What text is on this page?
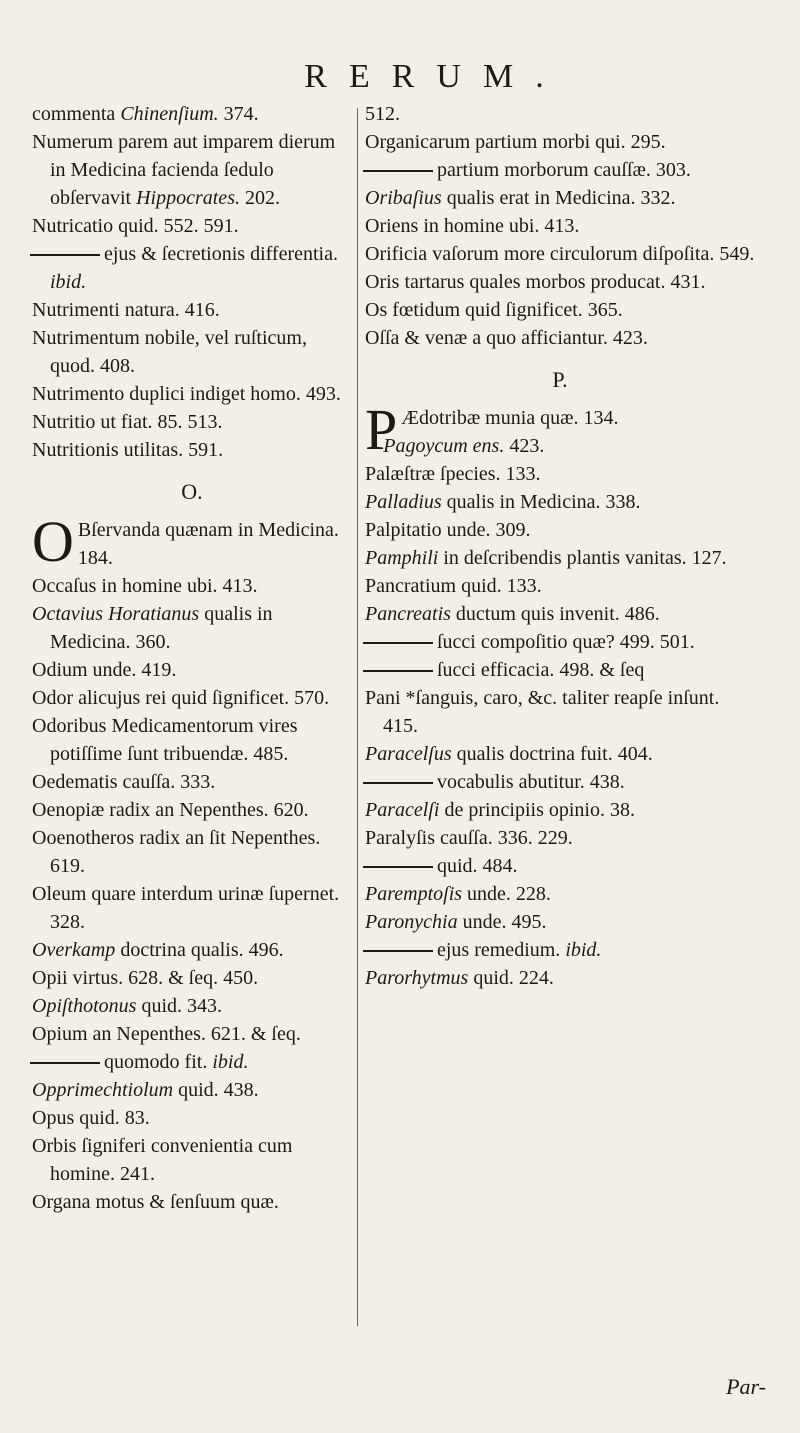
RERUM.

commenta Chinenſium. 374.

Numerum parem aut imparem dierum in Medicina facienda ſedulo obſervavit Hippocrates. 202.

Nutricatio quid. 552. 591.

ejus & ſecretionis differentia. ibid.

Nutrimenti natura. 416.

Nutrimentum nobile, vel ruſticum, quod. 408.

Nutrimento duplici indiget homo. 493.

Nutritio ut fiat. 85. 513.

Nutritionis utilitas. 591.

O.

O Bſervanda quænam in Medicina. 184.

Occaſus in homine ubi. 413.

Octavius Horatianus qualis in Medicina. 360.

Odium unde. 419.

Odor alicujus rei quid ſignificet. 570.

Odoribus Medicamentorum vires potiſſime ſunt tribuendæ. 485.

Oedematis cauſſa. 333.

Oenopiæ radix an Nepenthes. 620.

Ooenotheros radix an ſit Nepenthes. 619.

Oleum quare interdum urinæ ſupernet. 328.

Overkamp doctrina qualis. 496.

Opii virtus. 628. & ſeq. 450.

Opiſthotonus quid. 343.

Opium an Nepenthes. 621. & ſeq.

quomodo fit. ibid.

Opprimechtiolum quid. 438.

Opus quid. 83.

Orbis ſigniferi convenientia cum homine. 241.

Organa motus & ſenſuum quæ.

512.

Organicarum partium morbi qui. 295.

partium morborum cauſſæ. 303.

Oribaſius qualis erat in Medicina. 332.

Oriens in homine ubi. 413.

Orificia vaſorum more circulorum diſpoſita. 549.

Oris tartarus quales morbos producat. 431.

Os fœtidum quid ſignificet. 365.

Oſſa & venæ a quo afficiantur. 423.

P.

P Ædotribæ munia quæ. 134.

Pagoycum ens. 423.

Palæſtræ ſpecies. 133.

Palladius qualis in Medicina. 338.

Palpitatio unde. 309.

Pamphili in deſcribendis plantis vanitas. 127.

Pancratium quid. 133.

Pancreatis ductum quis invenit. 486.

ſucci compoſitio quæ? 499. 501.

ſucci efficacia. 498. & ſeq

Pani *ſanguis, caro, &c. taliter reapſe inſunt. 415.

Paracelſus qualis doctrina fuit. 404.

vocabulis abutitur. 438.

Paracelſi de principiis opinio. 38.

Paralyſis cauſſa. 336. 229.

quid. 484.

Paremptoſis unde. 228.

Paronychia unde. 495.

ejus remedium. ibid.

Parorhytmus quid. 224.

Par-
